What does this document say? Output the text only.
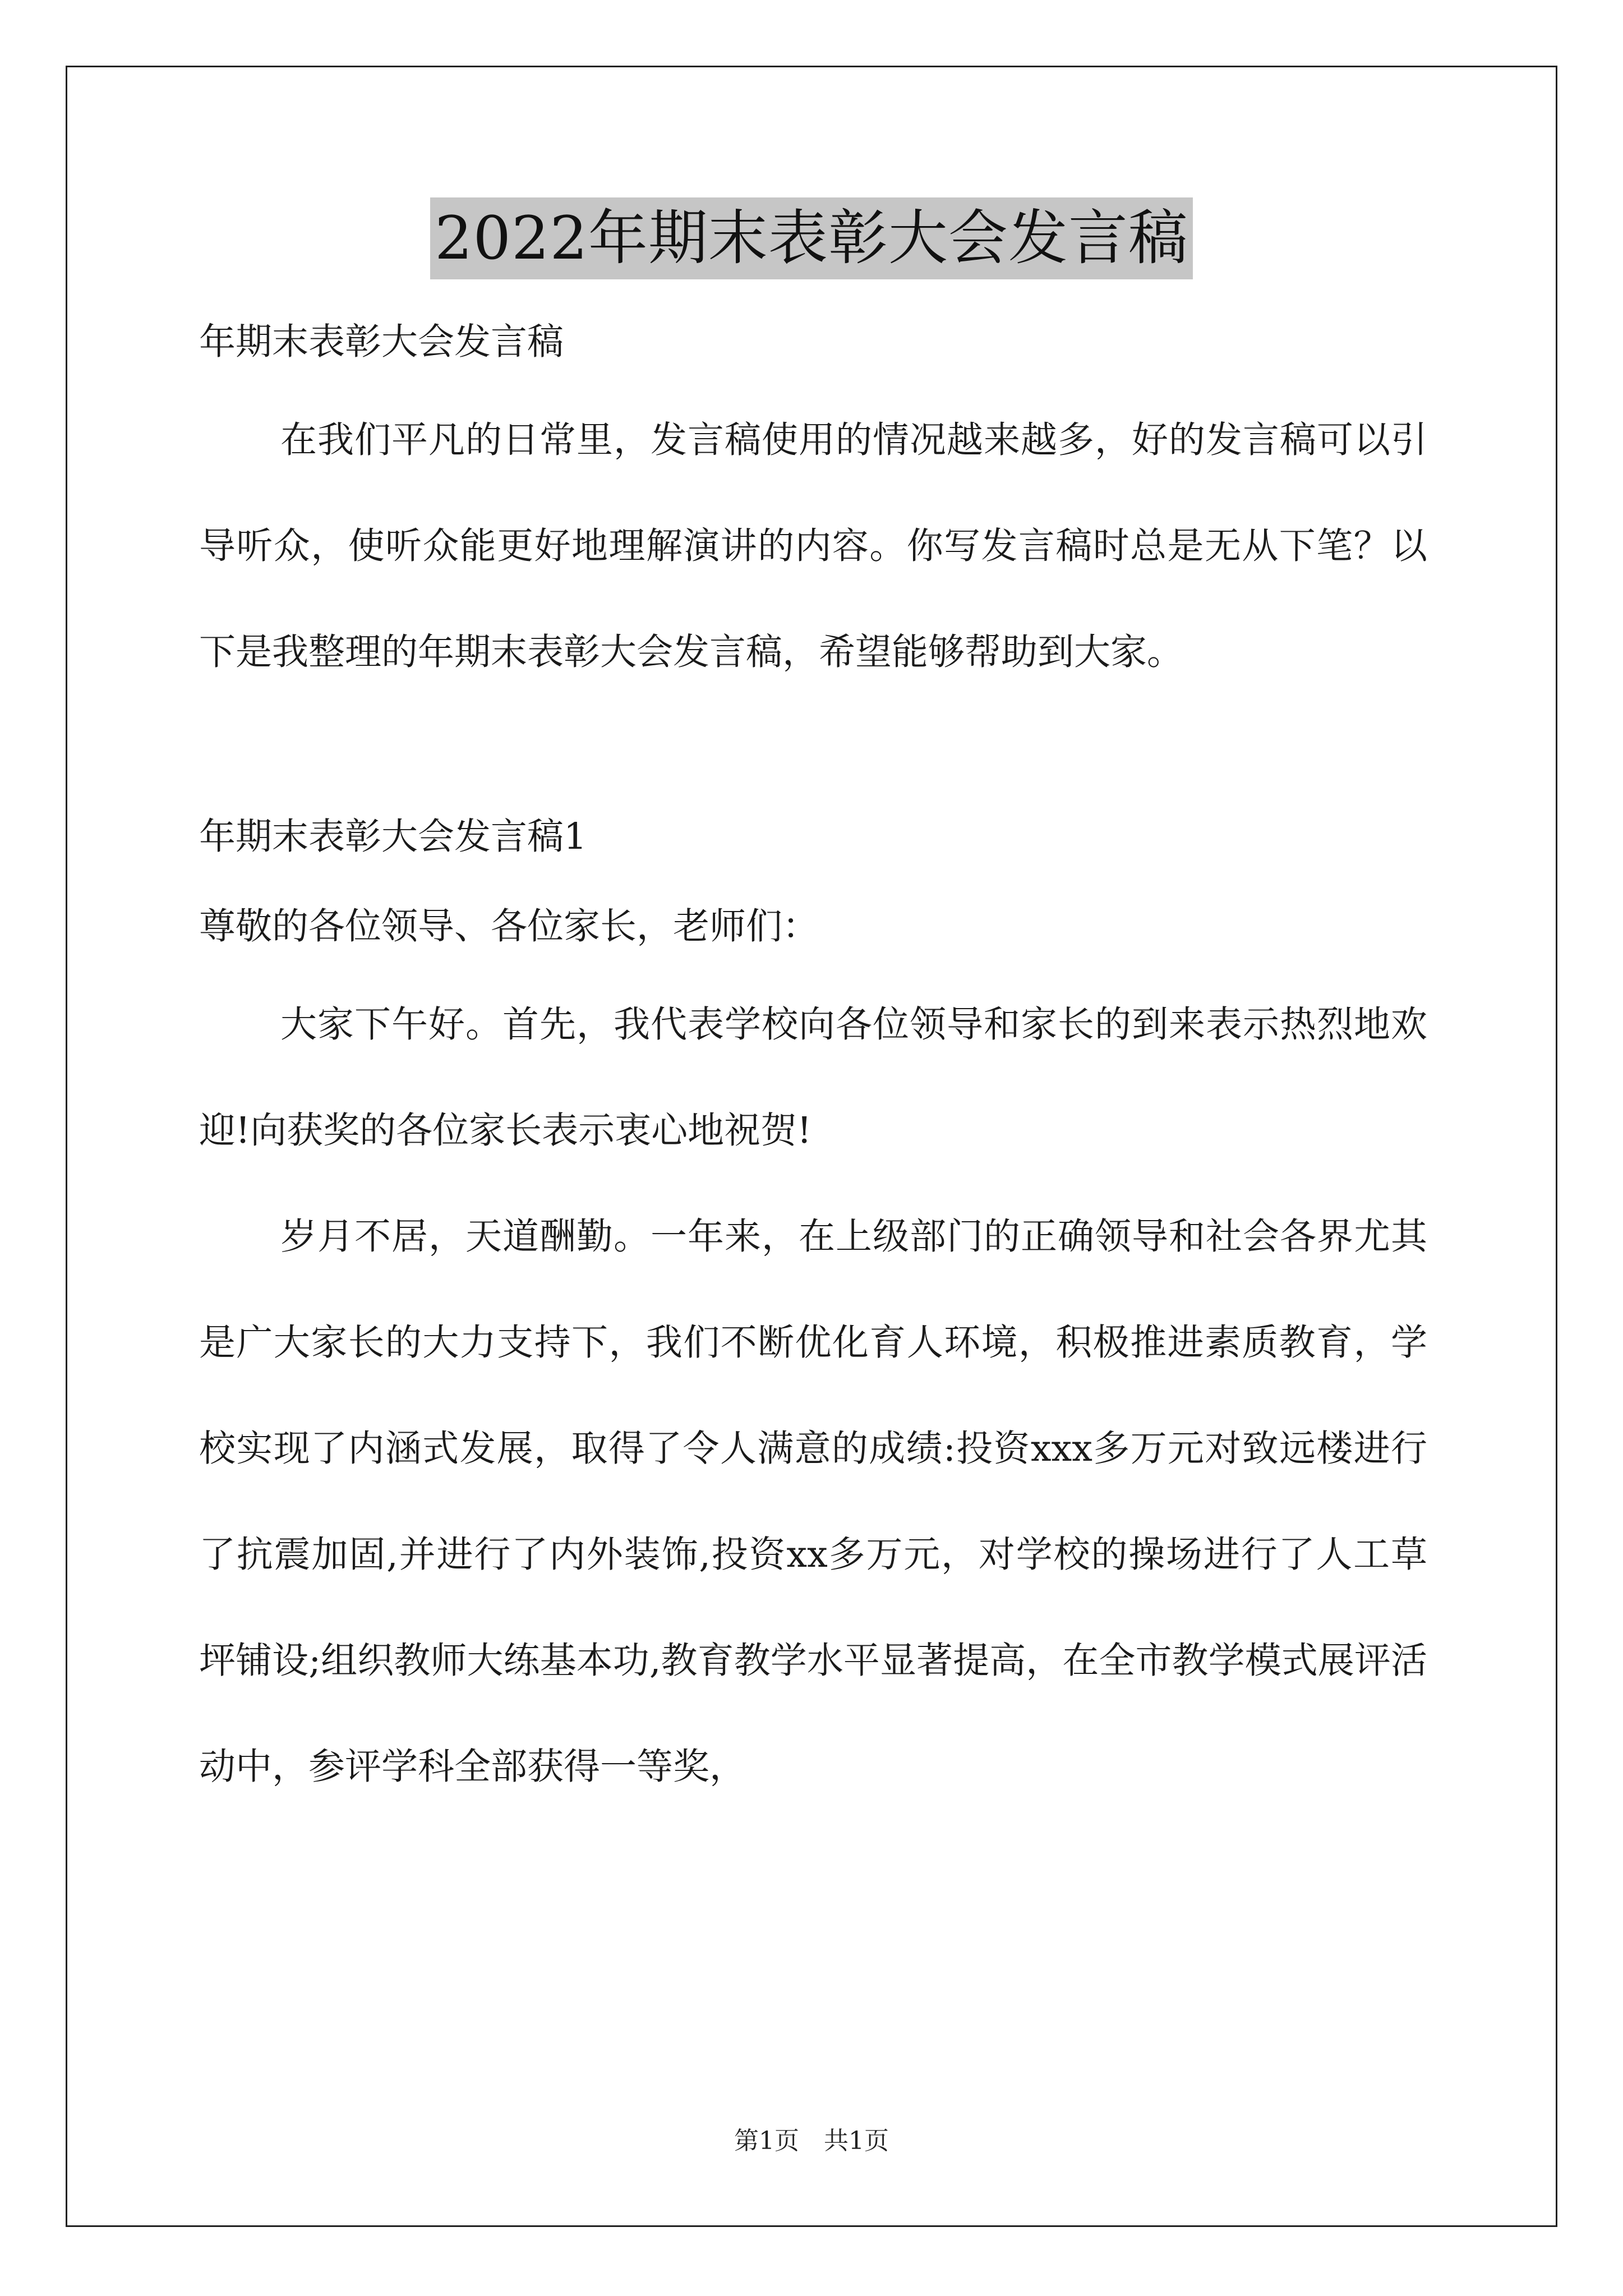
2022年期末表彰大会发言稿

年期末表彰大会发言稿

在我们平凡的日常里，发言稿使用的情况越来越多，好的发言稿可以引导听众，使听众能更好地理解演讲的内容。你写发言稿时总是无从下笔？以下是我整理的年期末表彰大会发言稿，希望能够帮助到大家。

年期末表彰大会发言稿1

尊敬的各位领导、各位家长，老师们：

大家下午好。首先，我代表学校向各位领导和家长的到来表示热烈地欢迎!向获奖的各位家长表示衷心地祝贺!

岁月不居，天道酬勤。一年来，在上级部门的正确领导和社会各界尤其是广大家长的大力支持下，我们不断优化育人环境，积极推进素质教育，学校实现了内涵式发展，取得了令人满意的成绩:投资xxx多万元对致远楼进行了抗震加固,并进行了内外装饰,投资xx多万元，对学校的操场进行了人工草坪铺设;组织教师大练基本功,教育教学水平显著提高，在全市教学模式展评活动中，参评学科全部获得一等奖，

第1页 共1页
